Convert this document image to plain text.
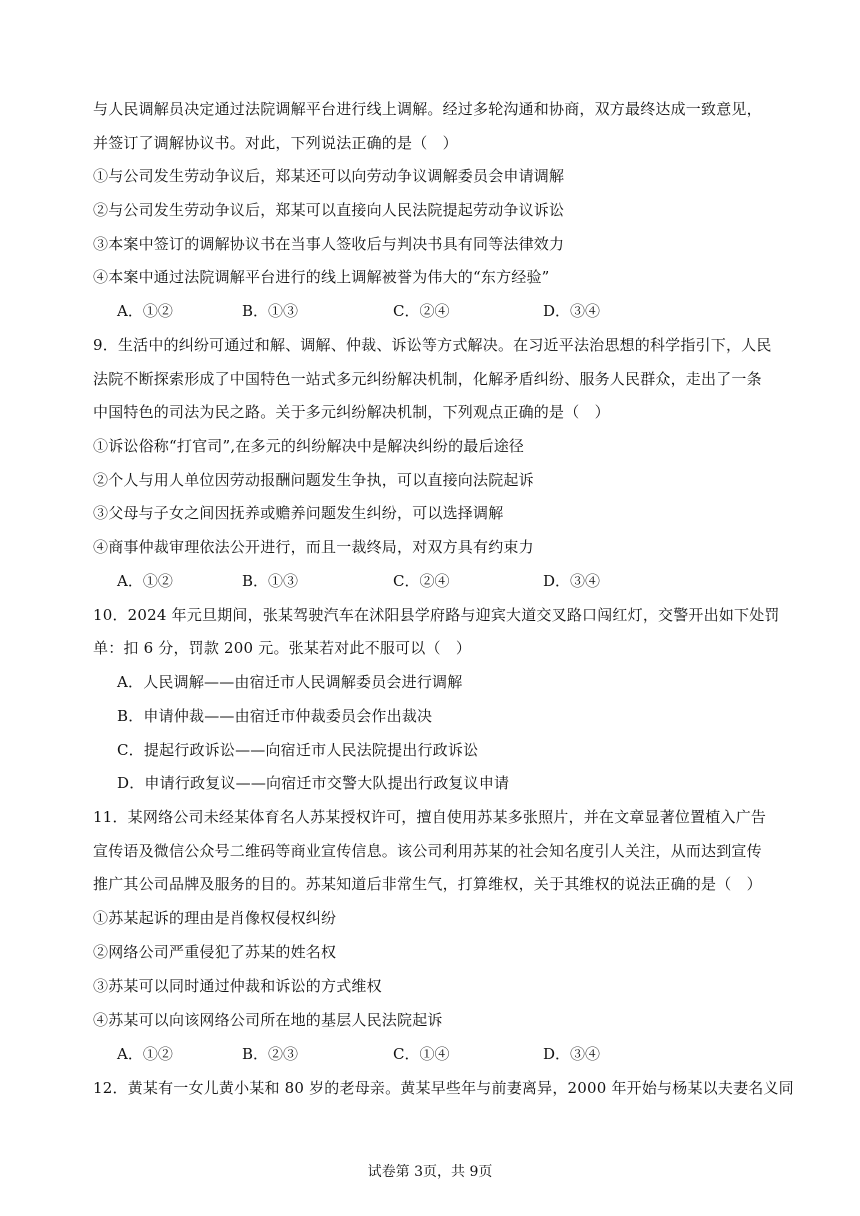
与人民调解员决定通过法院调解平台进行线上调解。经过多轮沟通和协商，双方最终达成一致意见，
并签订了调解协议书。对此，下列说法正确的是（　）
①与公司发生劳动争议后，郑某还可以向劳动争议调解委员会申请调解
②与公司发生劳动争议后，郑某可以直接向人民法院提起劳动争议诉讼
③本案中签订的调解协议书在当事人签收后与判决书具有同等法律效力
④本案中通过法院调解平台进行的线上调解被誉为伟大的“东方经验”
A．①②	B．①③	C．②④	D．③④
9．生活中的纠纷可通过和解、调解、仲裁、诉讼等方式解决。在习近平法治思想的科学指引下，人民
法院不断探索形成了中国特色一站式多元纠纷解决机制，化解矛盾纠纷、服务人民群众，走出了一条
中国特色的司法为民之路。关于多元纠纷解决机制，下列观点正确的是（　）
①诉讼俗称“打官司”,在多元的纠纷解决中是解决纠纷的最后途径
②个人与用人单位因劳动报酬问题发生争执，可以直接向法院起诉
③父母与子女之间因抚养或赡养问题发生纠纷，可以选择调解
④商事仲裁审理依法公开进行，而且一裁终局，对双方具有约束力
A．①②	B．①③	C．②④	D．③④
10．2024 年元旦期间，张某驾驶汽车在沭阳县学府路与迎宾大道交叉路口闯红灯，交警开出如下处罚
单：扣 6 分，罚款 200 元。张某若对此不服可以（　）
A．人民调解——由宿迁市人民调解委员会进行调解
B．申请仲裁——由宿迁市仲裁委员会作出裁决
C．提起行政诉讼——向宿迁市人民法院提出行政诉讼
D．申请行政复议——向宿迁市交警大队提出行政复议申请
11．某网络公司未经某体育名人苏某授权许可，擅自使用苏某多张照片，并在文章显著位置植入广告
宣传语及微信公众号二维码等商业宣传信息。该公司利用苏某的社会知名度引人关注，从而达到宣传
推广其公司品牌及服务的目的。苏某知道后非常生气，打算维权，关于其维权的说法正确的是（　）
①苏某起诉的理由是肖像权侵权纠纷
②网络公司严重侵犯了苏某的姓名权
③苏某可以同时通过仲裁和诉讼的方式维权
④苏某可以向该网络公司所在地的基层人民法院起诉
A．①②	B．②③	C．①④	D．③④
12．黄某有一女儿黄小某和 80 岁的老母亲。黄某早些年与前妻离异，2000 年开始与杨某以夫妻名义同
试卷第 3页，共 9页
